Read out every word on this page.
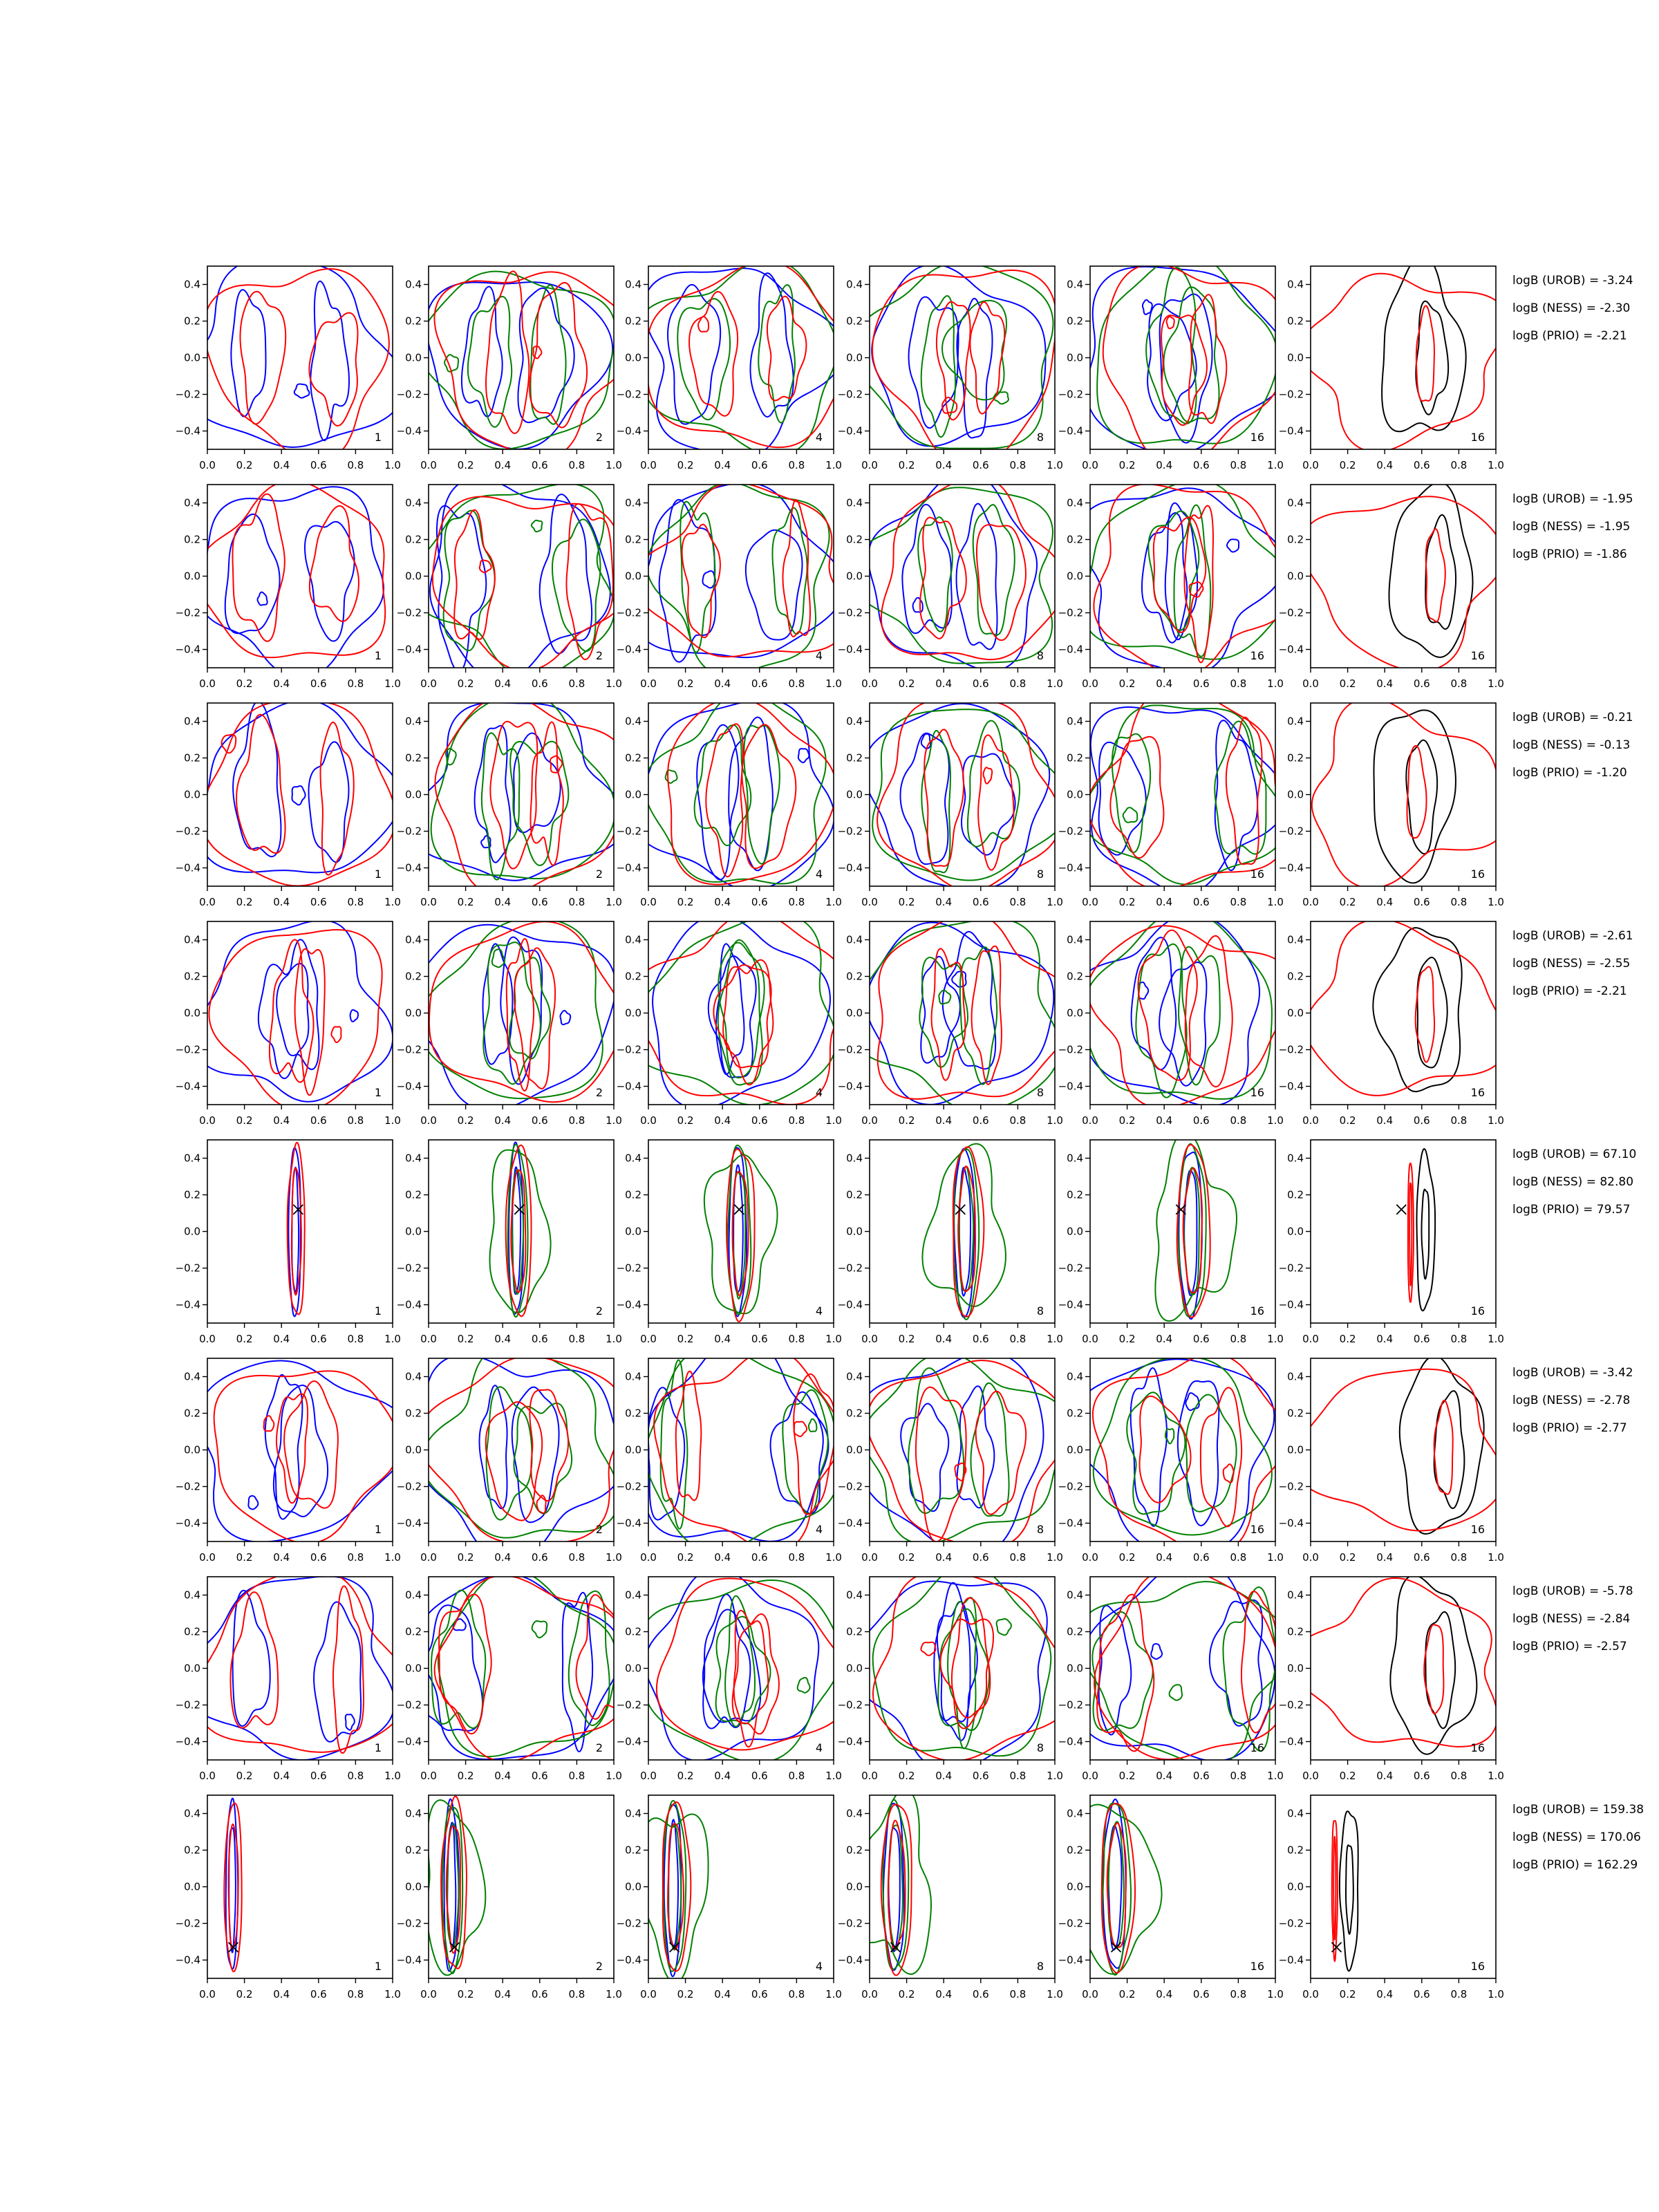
0.0 0.2 0.4 0.6 0.8 1.0
0.4
0.2
0.0
−0.2
−0.4	1
0.0 0.2 0.4 0.6 0.8 1.0
0.4
0.2
0.0
−0.2
−0.4	2
0.0 0.2 0.4 0.6 0.8 1.0
0.4
0.2
0.0
−0.2
−0.4	4
0.0 0.2 0.4 0.6 0.8 1.0
0.4
0.2
0.0
−0.2
−0.4	8
0.0 0.2 0.4 0.6 0.8 1.0
0.4
0.2
0.0
−0.2
−0.4	16
0.0 0.2 0.4 0.6 0.8 1.0
0.4
0.2
0.0
−0.2
−0.4	16
logB (UROB) = -3.24
logB (NESS) = -2.30
logB (PRIO) = -2.21
0.0 0.2 0.4 0.6 0.8 1.0
0.4
0.2
0.0
−0.2
−0.4	1
0.0 0.2 0.4 0.6 0.8 1.0
0.4
0.2
0.0
−0.2
−0.4	2
0.0 0.2 0.4 0.6 0.8 1.0
0.4
0.2
0.0
−0.2
−0.4	4
0.0 0.2 0.4 0.6 0.8 1.0
0.4
0.2
0.0
−0.2
−0.4	8
0.0 0.2 0.4 0.6 0.8 1.0
0.4
0.2
0.0
−0.2
−0.4	16
0.0 0.2 0.4 0.6 0.8 1.0
0.4
0.2
0.0
−0.2
−0.4	16
logB (UROB) = -1.95
logB (NESS) = -1.95
logB (PRIO) = -1.86
0.0 0.2 0.4 0.6 0.8 1.0
0.4
0.2
0.0
−0.2
−0.4	1
0.0 0.2 0.4 0.6 0.8 1.0
0.4
0.2
0.0
−0.2
−0.4	2
0.0 0.2 0.4 0.6 0.8 1.0
0.4
0.2
0.0
−0.2
−0.4	4
0.0 0.2 0.4 0.6 0.8 1.0
0.4
0.2
0.0
−0.2
−0.4	8
0.0 0.2 0.4 0.6 0.8 1.0
0.4
0.2
0.0
−0.2
−0.4	16
0.0 0.2 0.4 0.6 0.8 1.0
0.4
0.2
0.0
−0.2
−0.4	16
logB (UROB) = -0.21
logB (NESS) = -0.13
logB (PRIO) = -1.20
0.0 0.2 0.4 0.6 0.8 1.0
0.4
0.2
0.0
−0.2
−0.4	1
0.0 0.2 0.4 0.6 0.8 1.0
0.4
0.2
0.0
−0.2
−0.4	2
0.0 0.2 0.4 0.6 0.8 1.0
0.4
0.2
0.0
−0.2
−0.4	4
0.0 0.2 0.4 0.6 0.8 1.0
0.4
0.2
0.0
−0.2
−0.4	8
0.0 0.2 0.4 0.6 0.8 1.0
0.4
0.2
0.0
−0.2
−0.4	16
0.0 0.2 0.4 0.6 0.8 1.0
0.4
0.2
0.0
−0.2
−0.4	16
logB (UROB) = -2.61
logB (NESS) = -2.55
logB (PRIO) = -2.21
0.0 0.2 0.4 0.6 0.8 1.0
0.4
0.2
0.0
−0.2
−0.4	1
0.0 0.2 0.4 0.6 0.8 1.0
0.4
0.2
0.0
−0.2
−0.4	2
0.0 0.2 0.4 0.6 0.8 1.0
0.4
0.2
0.0
−0.2
−0.4	4
0.0 0.2 0.4 0.6 0.8 1.0
0.4
0.2
0.0
−0.2
−0.4	8
0.0 0.2 0.4 0.6 0.8 1.0
0.4
0.2
0.0
−0.2
−0.4	16
0.0 0.2 0.4 0.6 0.8 1.0
0.4
0.2
0.0
−0.2
−0.4	16
logB (UROB) = 67.10
logB (NESS) = 82.80
logB (PRIO) = 79.57
0.0 0.2 0.4 0.6 0.8 1.0
0.4
0.2
0.0
−0.2
−0.4	1
0.0 0.2 0.4 0.6 0.8 1.0
0.4
0.2
0.0
−0.2
−0.4	2
0.0 0.2 0.4 0.6 0.8 1.0
0.4
0.2
0.0
−0.2
−0.4	4
0.0 0.2 0.4 0.6 0.8 1.0
0.4
0.2
0.0
−0.2
−0.4	8
0.0 0.2 0.4 0.6 0.8 1.0
0.4
0.2
0.0
−0.2
−0.4	16
0.0 0.2 0.4 0.6 0.8 1.0
0.4
0.2
0.0
−0.2
−0.4	16
logB (UROB) = -3.42
logB (NESS) = -2.78
logB (PRIO) = -2.77
0.0 0.2 0.4 0.6 0.8 1.0
0.4
0.2
0.0
−0.2
−0.4	1
0.0 0.2 0.4 0.6 0.8 1.0
0.4
0.2
0.0
−0.2
−0.4	2
0.0 0.2 0.4 0.6 0.8 1.0
0.4
0.2
0.0
−0.2
−0.4	4
0.0 0.2 0.4 0.6 0.8 1.0
0.4
0.2
0.0
−0.2
−0.4	8
0.0 0.2 0.4 0.6 0.8 1.0
0.4
0.2
0.0
−0.2
−0.4	16
0.0 0.2 0.4 0.6 0.8 1.0
0.4
0.2
0.0
−0.2
−0.4	16
logB (UROB) = -5.78
logB (NESS) = -2.84
logB (PRIO) = -2.57
0.0 0.2 0.4 0.6 0.8 1.0
0.4
0.2
0.0
−0.2
−0.4	1
0.0 0.2 0.4 0.6 0.8 1.0
0.4
0.2
0.0
−0.2
−0.4	2
0.0 0.2 0.4 0.6 0.8 1.0
0.4
0.2
0.0
−0.2
−0.4	4
0.0 0.2 0.4 0.6 0.8 1.0
0.4
0.2
0.0
−0.2
−0.4	8
0.0 0.2 0.4 0.6 0.8 1.0
0.4
0.2
0.0
−0.2
−0.4	16
0.0 0.2 0.4 0.6 0.8 1.0
0.4
0.2
0.0
−0.2
−0.4	16
logB (UROB) = 159.38
logB (NESS) = 170.06
logB (PRIO) = 162.29
